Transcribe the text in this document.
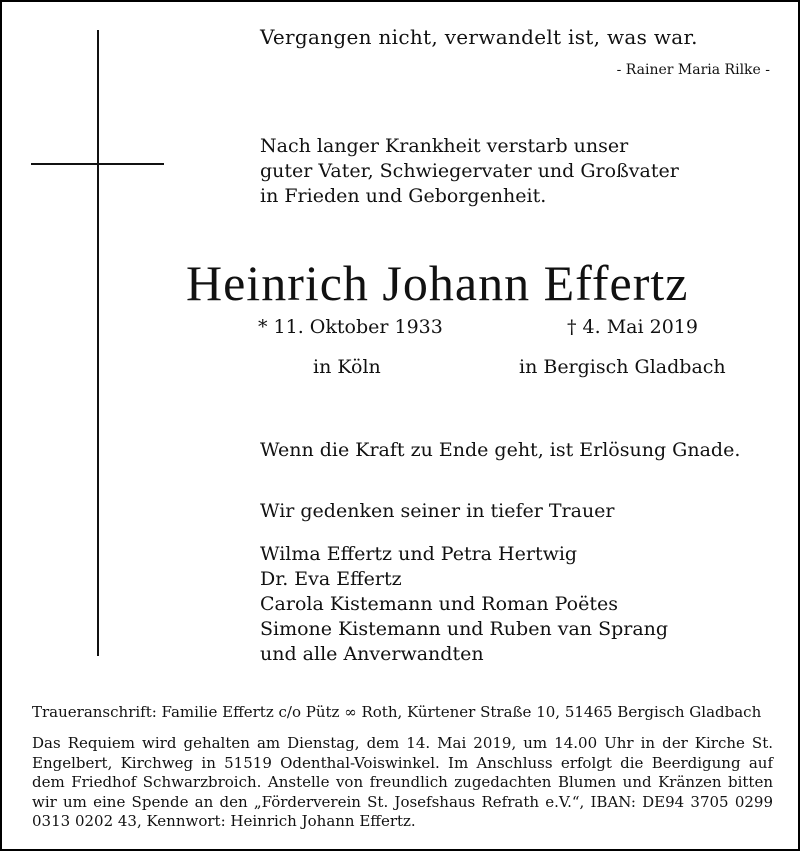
Vergangen nicht, verwandelt ist, was war.
- Rainer Maria Rilke -
Nach langer Krankheit verstarb unser
guter Vater, Schwiegervater und Großvater
in Frieden und Geborgenheit.
Heinrich Johann Effertz
* 11. Oktober 1933	† 4. Mai 2019
in Köln	in Bergisch Gladbach
Wenn die Kraft zu Ende geht, ist Erlösung Gnade.
Wir gedenken seiner in tiefer Trauer
Wilma Effertz und Petra Hertwig
Dr. Eva Effertz
Carola Kistemann und Roman Poëtes
Simone Kistemann und Ruben van Sprang
und alle Anverwandten
Traueranschrift: Familie Effertz c/o Pütz ∞ Roth, Kürtener Straße 10, 51465 Bergisch Gladbach
Das Requiem wird gehalten am Dienstag, dem 14. Mai 2019, um 14.00 Uhr in der Kirche St. Engelbert, Kirchweg in 51519 Odenthal-Voiswinkel. Im Anschluss erfolgt die Beerdigung auf dem Friedhof Schwarzbroich. Anstelle von freundlich zugedachten Blumen und Kränzen bitten wir um eine Spende an den „Förderverein St. Josefshaus Refrath e.V.“, IBAN: DE94 3705 0299 0313 0202 43, Kennwort: Heinrich Johann Effertz.
